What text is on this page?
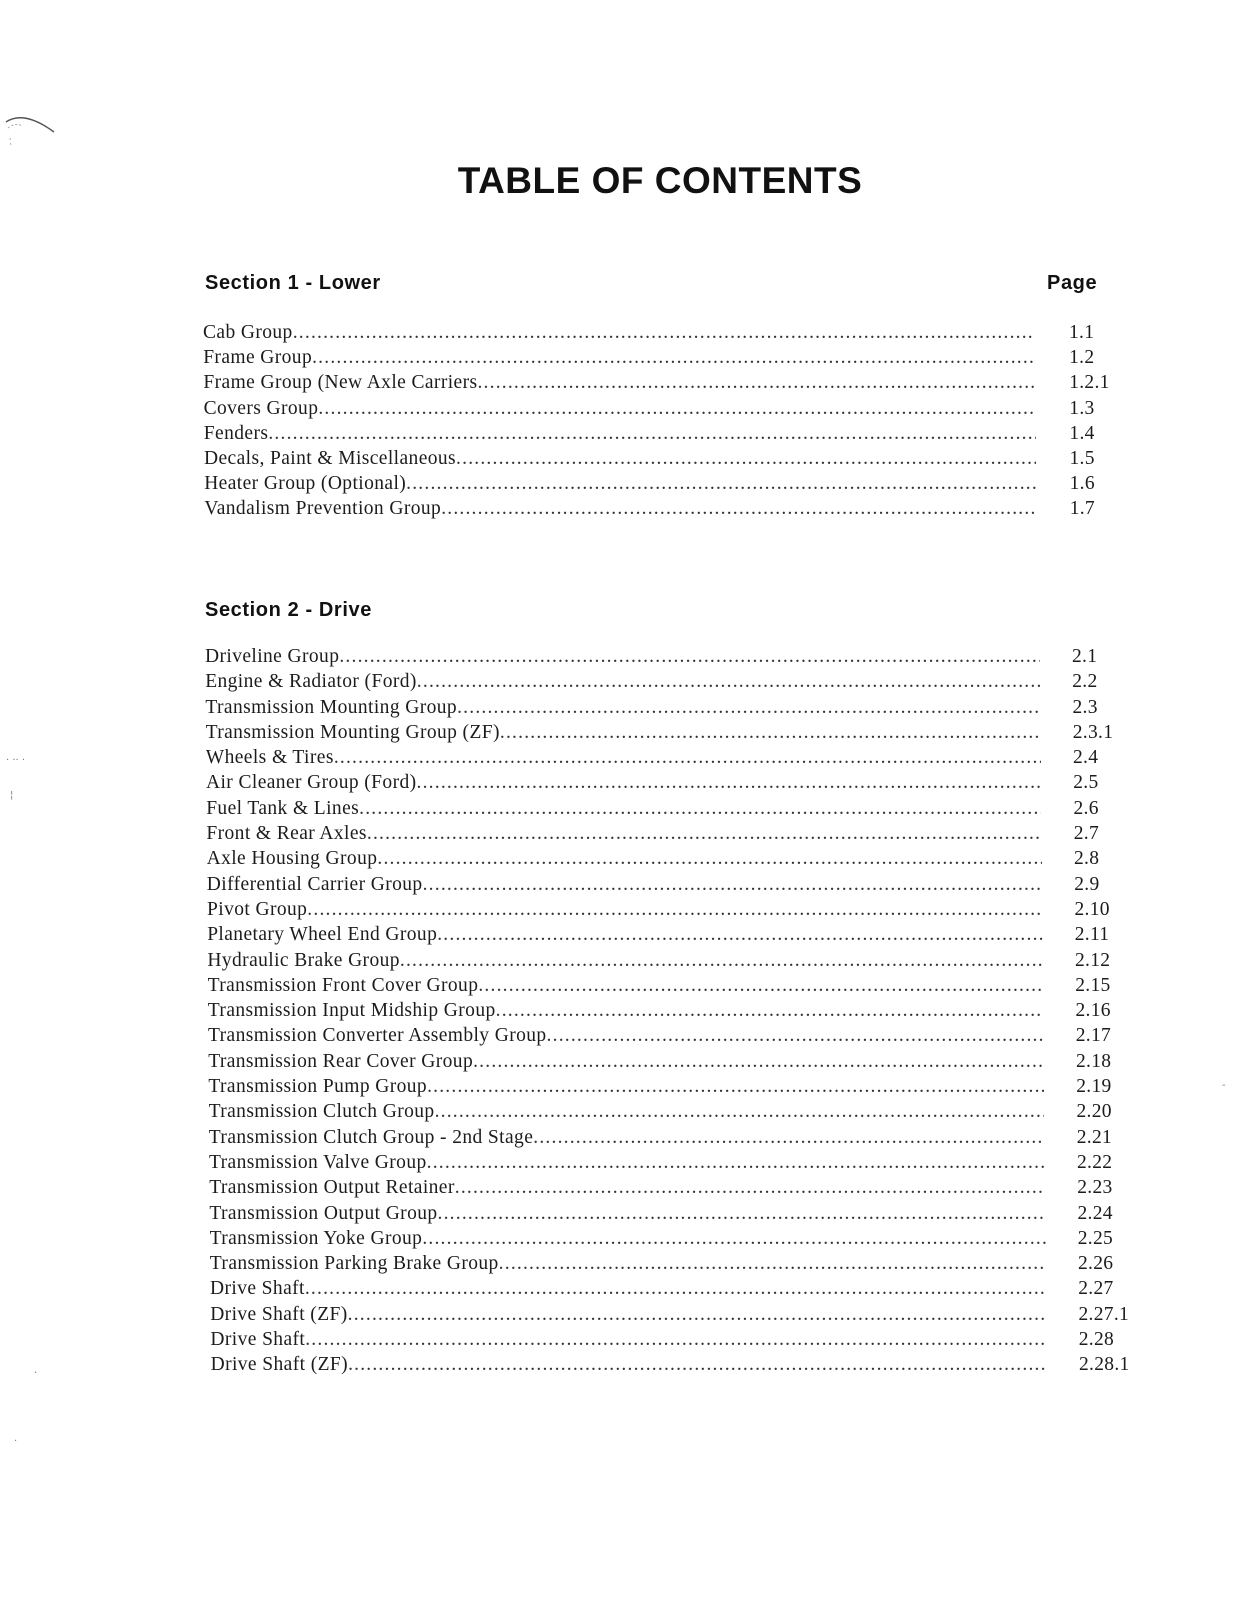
· ·· ·
¦
·
·
-
TABLE OF CONTENTS
Section 1 - Lower	Page
Cab Group .....	1.1
Frame Group .....	1.2
Frame Group (New Axle Carriers .....	1.2.1
Covers Group .....	1.3
Fenders .....	1.4
Decals, Paint & Miscellaneous .....	1.5
Heater Group (Optional) .....	1.6
Vandalism Prevention Group .....	1.7
Section 2 - Drive
Driveline Group .....	2.1
Engine & Radiator (Ford) .....	2.2
Transmission Mounting Group .....	2.3
Transmission Mounting Group (ZF) .....	2.3.1
Wheels & Tires .....	2.4
Air Cleaner Group (Ford) .....	2.5
Fuel Tank & Lines .....	2.6
Front & Rear Axles .....	2.7
Axle Housing Group .....	2.8
Differential Carrier Group .....	2.9
Pivot Group .....	2.10
Planetary Wheel End Group .....	2.11
Hydraulic Brake Group .....	2.12
Transmission Front Cover Group .....	2.15
Transmission Input Midship Group .....	2.16
Transmission Converter Assembly Group .....	2.17
Transmission Rear Cover Group .....	2.18
Transmission Pump Group .....	2.19
Transmission Clutch Group .....	2.20
Transmission Clutch Group - 2nd Stage .....	2.21
Transmission Valve Group .....	2.22
Transmission Output Retainer .....	2.23
Transmission Output Group .....	2.24
Transmission Yoke Group .....	2.25
Transmission Parking Brake Group .....	2.26
Drive Shaft .....	2.27
Drive Shaft (ZF) .....	2.27.1
Drive Shaft .....	2.28
Drive Shaft (ZF) .....	2.28.1
